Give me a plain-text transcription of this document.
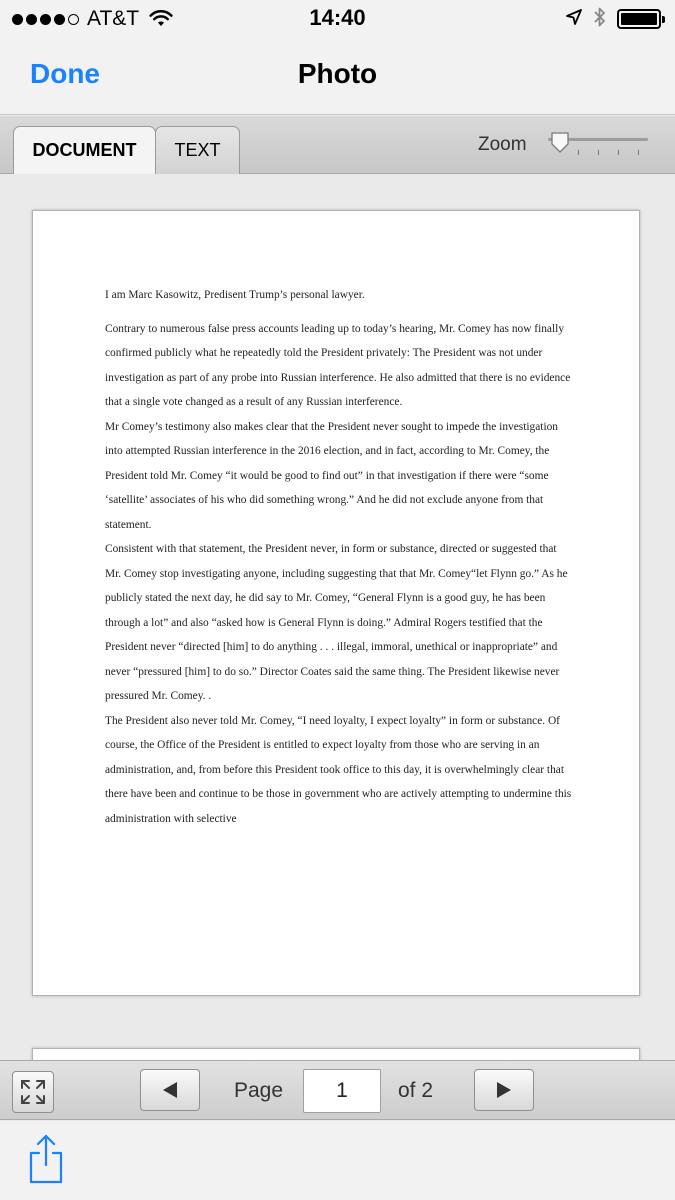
AT&T	14:40
Done	Photo
DOCUMENT	TEXT	Zoom

I am Marc Kasowitz, Predisent Trump’s personal lawyer.

Contrary to numerous false press accounts leading up to today’s hearing, Mr. Comey has now finally confirmed publicly what he repeatedly told the President privately: The President was not under investigation as part of any probe into Russian interference. He also admitted that there is no evidence that a single vote changed as a result of any Russian interference.

Mr Comey’s testimony also makes clear that the President never sought to impede the investigation into attempted Russian interference in the 2016 election, and in fact, according to Mr. Comey, the President told Mr. Comey “it would be good to find out” in that investigation if there were “some ‘satellite’ associates of his who did something wrong.” And he did not exclude anyone from that statement.

Consistent with that statement, the President never, in form or substance, directed or suggested that Mr. Comey stop investigating anyone, including suggesting that that Mr. Comey“let Flynn go.” As he publicly stated the next day, he did say to Mr. Comey, “General Flynn is a good guy, he has been through a lot” and also “asked how is General Flynn is doing.” Admiral Rogers testified that the President never “directed [him] to do anything . . . illegal, immoral, unethical or inappropriate” and never “pressured [him] to do so.” Director Coates said the same thing. The President likewise never pressured Mr. Comey. .

The President also never told Mr. Comey, “I need loyalty, I expect loyalty” in form or substance. Of course, the Office of the President is entitled to expect loyalty from those who are serving in an administration, and, from before this President took office to this day, it is overwhelmingly clear that there have been and continue to be those in government who are actively attempting to undermine this administration with selective

Page
1	of 2
